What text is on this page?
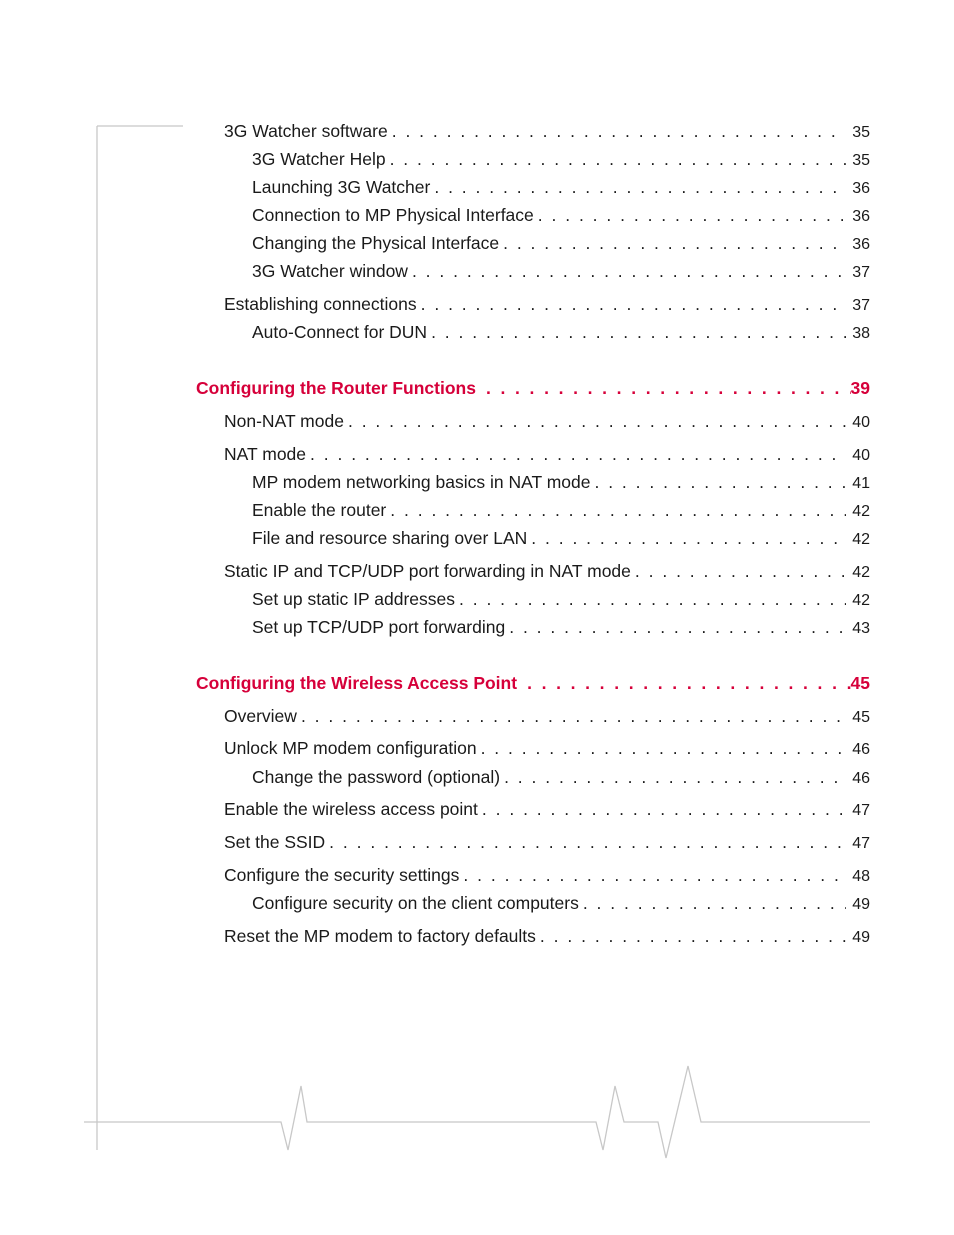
3G Watcher software . . .	35
3G Watcher Help . . .	35
Launching 3G Watcher . . .	36
Connection to MP Physical Interface . . .	36
Changing the Physical Interface . . .	36
3G Watcher window . . .	37
Establishing connections . . .	37
Auto-Connect for DUN . . .	38
Configuring the Router Functions . . .	39
Non-NAT mode . . .	40
NAT mode . . .	40
MP modem networking basics in NAT mode . . .	41
Enable the router . . .	42
File and resource sharing over LAN . . .	42
Static IP and TCP/UDP port forwarding in NAT mode . . .	42
Set up static IP addresses . . .	42
Set up TCP/UDP port forwarding . . .	43
Configuring the Wireless Access Point . . .	45
Overview . . .	45
Unlock MP modem configuration . . .	46
Change the password (optional) . . .	46
Enable the wireless access point . . .	47
Set the SSID . . .	47
Configure the security settings . . .	48
Configure security on the client computers . . .	49
Reset the MP modem to factory defaults . . .	49
